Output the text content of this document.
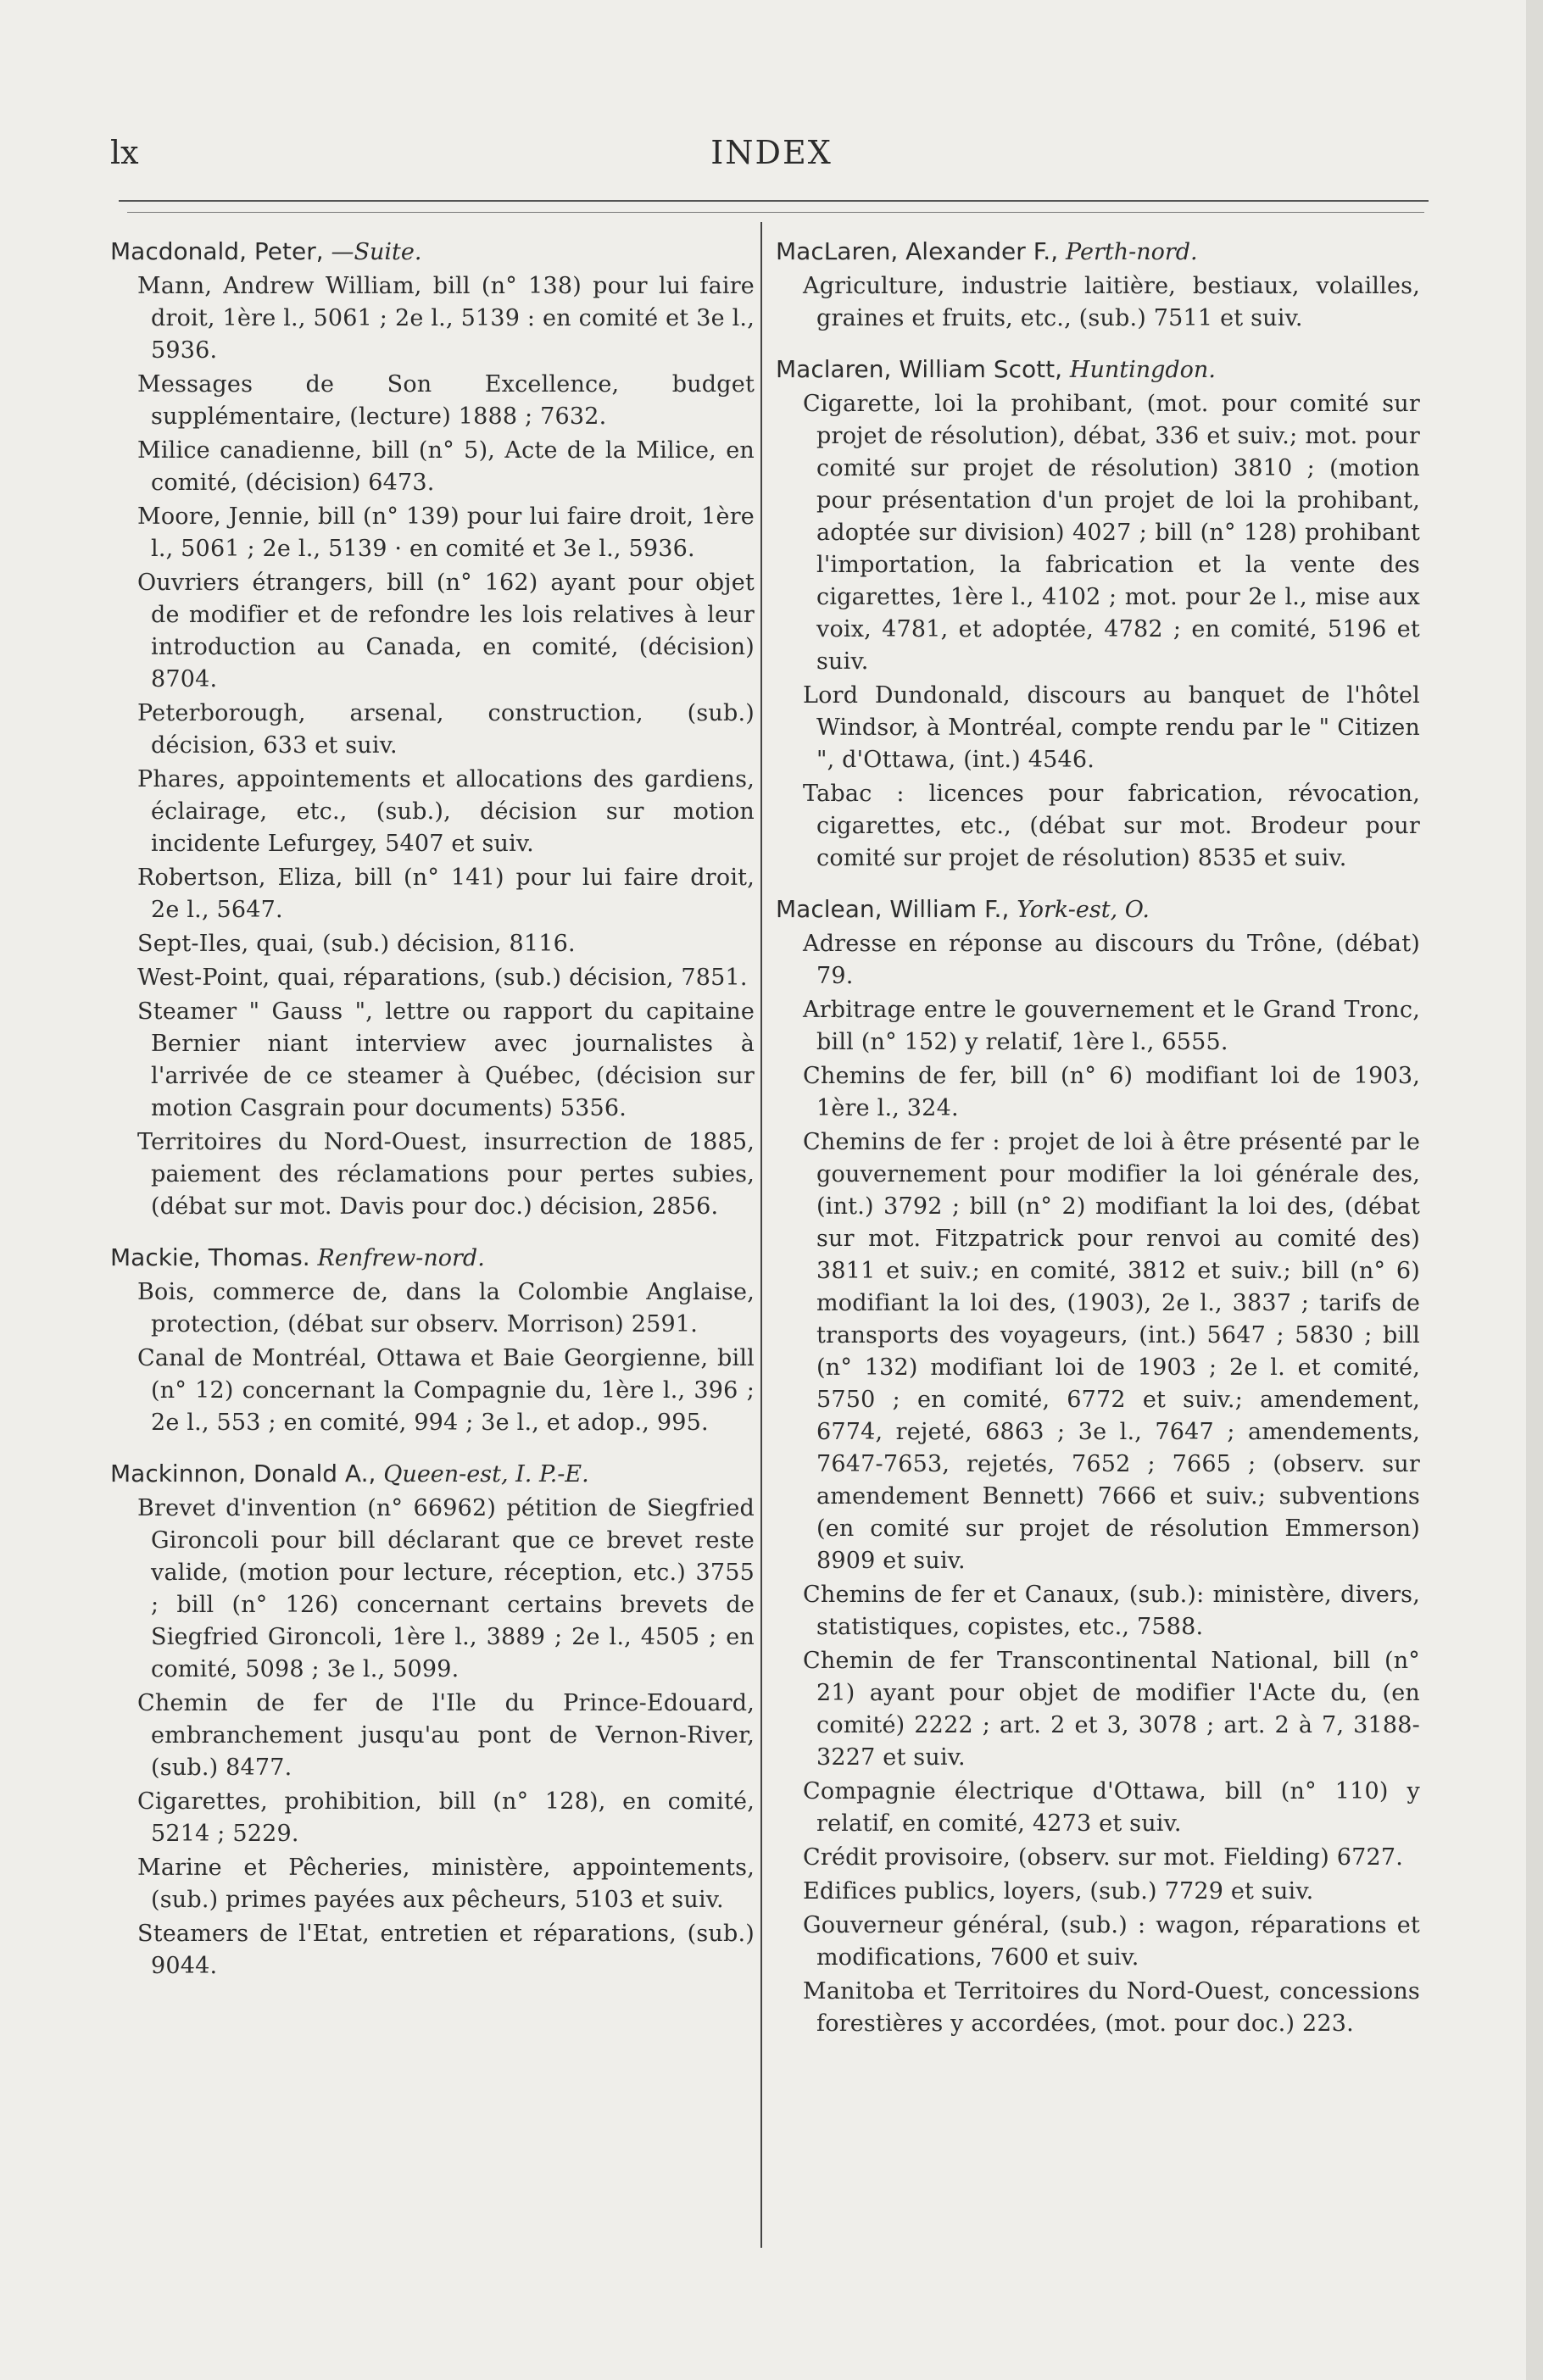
lx	INDEX
Macdonald, Peter, —Suite.
Mann, Andrew William, bill (n° 138) pour lui faire droit, 1ère l., 5061 ; 2e l., 5139 : en comité et 3e l., 5936.
Messages de Son Excellence, budget supplémentaire, (lecture) 1888 ; 7632.
Milice canadienne, bill (n° 5), Acte de la Milice, en comité, (décision) 6473.
Moore, Jennie, bill (n° 139) pour lui faire droit, 1ère l., 5061 ; 2e l., 5139 · en comité et 3e l., 5936.
Ouvriers étrangers, bill (n° 162) ayant pour objet de modifier et de refondre les lois relatives à leur introduction au Canada, en comité, (décision) 8704.
Peterborough, arsenal, construction, (sub.) décision, 633 et suiv.
Phares, appointements et allocations des gardiens, éclairage, etc., (sub.), décision sur motion incidente Lefurgey, 5407 et suiv.
Robertson, Eliza, bill (n° 141) pour lui faire droit, 2e l., 5647.
Sept-Iles, quai, (sub.) décision, 8116.
West-Point, quai, réparations, (sub.) décision, 7851.
Steamer " Gauss ", lettre ou rapport du capitaine Bernier niant interview avec journalistes à l'arrivée de ce steamer à Québec, (décision sur motion Casgrain pour documents) 5356.
Territoires du Nord-Ouest, insurrection de 1885, paiement des réclamations pour pertes subies, (débat sur mot. Davis pour doc.) décision, 2856.
Mackie, Thomas. Renfrew-nord.
Bois, commerce de, dans la Colombie Anglaise, protection, (débat sur observ. Morrison) 2591.
Canal de Montréal, Ottawa et Baie Georgienne, bill (n° 12) concernant la Compagnie du, 1ère l., 396 ; 2e l., 553 ; en comité, 994 ; 3e l., et adop., 995.
Mackinnon, Donald A., Queen-est, I. P.-E.
Brevet d'invention (n° 66962) pétition de Siegfried Gironcoli pour bill déclarant que ce brevet reste valide, (motion pour lecture, réception, etc.) 3755 ; bill (n° 126) concernant certains brevets de Siegfried Gironcoli, 1ère l., 3889 ; 2e l., 4505 ; en comité, 5098 ; 3e l., 5099.
Chemin de fer de l'Ile du Prince-Edouard, embranchement jusqu'au pont de Vernon-River, (sub.) 8477.
Cigarettes, prohibition, bill (n° 128), en comité, 5214 ; 5229.
Marine et Pêcheries, ministère, appointements, (sub.) primes payées aux pêcheurs, 5103 et suiv.
Steamers de l'Etat, entretien et réparations, (sub.) 9044.
MacLaren, Alexander F., Perth-nord.
Agriculture, industrie laitière, bestiaux, volailles, graines et fruits, etc., (sub.) 7511 et suiv.
Maclaren, William Scott, Huntingdon.
Cigarette, loi la prohibant, (mot. pour comité sur projet de résolution), débat, 336 et suiv.; mot. pour comité sur projet de résolution) 3810 ; (motion pour présentation d'un projet de loi la prohibant, adoptée sur division) 4027 ; bill (n° 128) prohibant l'importation, la fabrication et la vente des cigarettes, 1ère l., 4102 ; mot. pour 2e l., mise aux voix, 4781, et adoptée, 4782 ; en comité, 5196 et suiv.
Lord Dundonald, discours au banquet de l'hôtel Windsor, à Montréal, compte rendu par le " Citizen ", d'Ottawa, (int.) 4546.
Tabac : licences pour fabrication, révocation, cigarettes, etc., (débat sur mot. Brodeur pour comité sur projet de résolution) 8535 et suiv.
Maclean, William F., York-est, O.
Adresse en réponse au discours du Trône, (débat) 79.
Arbitrage entre le gouvernement et le Grand Tronc, bill (n° 152) y relatif, 1ère l., 6555.
Chemins de fer, bill (n° 6) modifiant loi de 1903, 1ère l., 324.
Chemins de fer : projet de loi à être présenté par le gouvernement pour modifier la loi générale des, (int.) 3792 ; bill (n° 2) modifiant la loi des, (débat sur mot. Fitzpatrick pour renvoi au comité des) 3811 et suiv.; en comité, 3812 et suiv.; bill (n° 6) modifiant la loi des, (1903), 2e l., 3837 ; tarifs de transports des voyageurs, (int.) 5647 ; 5830 ; bill (n° 132) modifiant loi de 1903 ; 2e l. et comité, 5750 ; en comité, 6772 et suiv.; amendement, 6774, rejeté, 6863 ; 3e l., 7647 ; amendements, 7647-7653, rejetés, 7652 ; 7665 ; (observ. sur amendement Bennett) 7666 et suiv.; subventions (en comité sur projet de résolution Emmerson) 8909 et suiv.
Chemins de fer et Canaux, (sub.): ministère, divers, statistiques, copistes, etc., 7588.
Chemin de fer Transcontinental National, bill (n° 21) ayant pour objet de modifier l'Acte du, (en comité) 2222 ; art. 2 et 3, 3078 ; art. 2 à 7, 3188-3227 et suiv.
Compagnie électrique d'Ottawa, bill (n° 110) y relatif, en comité, 4273 et suiv.
Crédit provisoire, (observ. sur mot. Fielding) 6727.
Edifices publics, loyers, (sub.) 7729 et suiv.
Gouverneur général, (sub.) : wagon, réparations et modifications, 7600 et suiv.
Manitoba et Territoires du Nord-Ouest, concessions forestières y accordées, (mot. pour doc.) 223.
